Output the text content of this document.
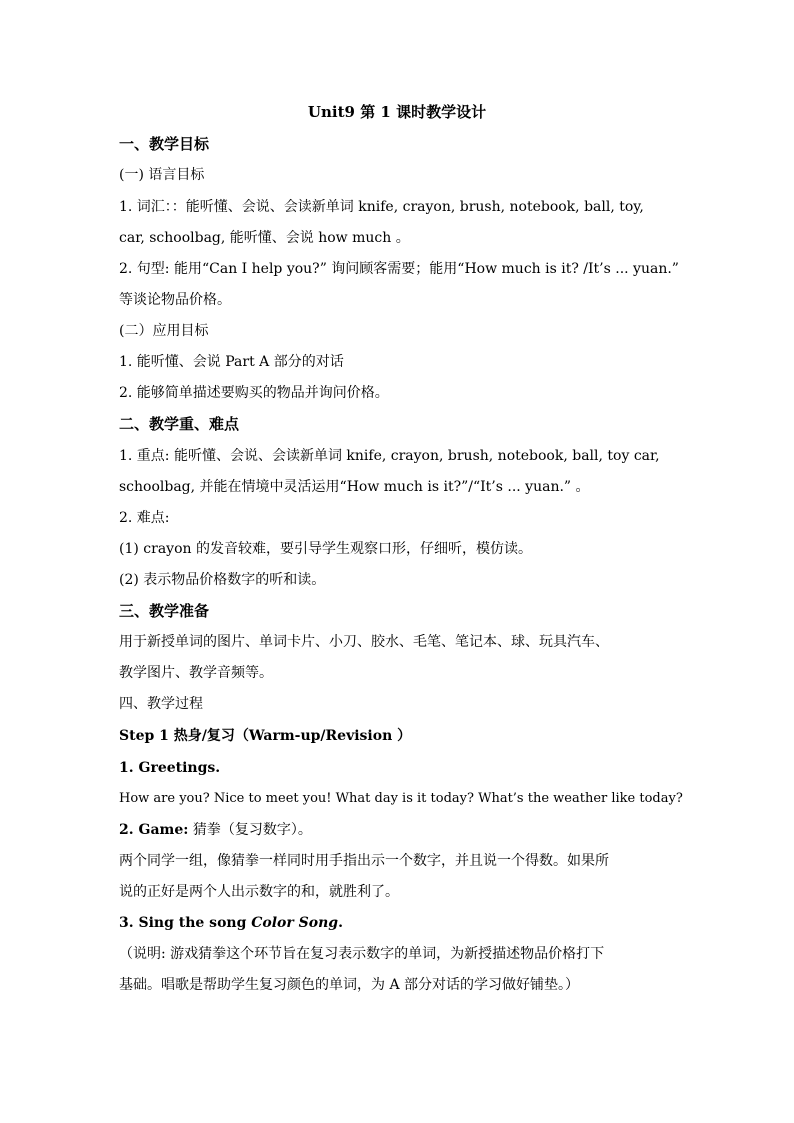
Unit9 第 1 课时教学设计
一、教学目标
(一) 语言目标
1. 词汇：：能听懂、会说、会读新单词 knife, crayon, brush, notebook, ball, toy,
car, schoolbag, 能听懂、会说 how much 。
2. 句型: 能用“Can I help you?” 询问顾客需要；能用“How much is it? /It’s ... yuan.”
等谈论物品价格。
(二）应用目标
1. 能听懂、会说 Part A 部分的对话
2. 能够简单描述要购买的物品并询问价格。
二、教学重、难点
1. 重点: 能听懂、会说、会读新单词 knife, crayon, brush, notebook, ball, toy car,
schoolbag, 并能在情境中灵活运用“How much is it?”/“It’s ... yuan.” 。
2. 难点:
(1) crayon 的发音较难，要引导学生观察口形，仔细听，模仿读。
(2) 表示物品价格数字的听和读。
三、教学准备
用于新授单词的图片、单词卡片、小刀、胶水、毛笔、笔记本、球、玩具汽车、
教学图片、教学音频等。
四、教学过程
Step 1 热身/复习（Warm-up/Revision ）
1. Greetings.
How are you? Nice to meet you! What day is it today? What’s the weather like today?
2. Game: 猜拳（复习数字）。
两个同学一组，像猜拳一样同时用手指出示一个数字，并且说一个得数。如果所
说的正好是两个人出示数字的和，就胜利了。
3. Sing the song Color Song.
（说明: 游戏猜拳这个环节旨在复习表示数字的单词，为新授描述物品价格打下
基础。唱歌是帮助学生复习颜色的单词，为 A 部分对话的学习做好铺垫。）
